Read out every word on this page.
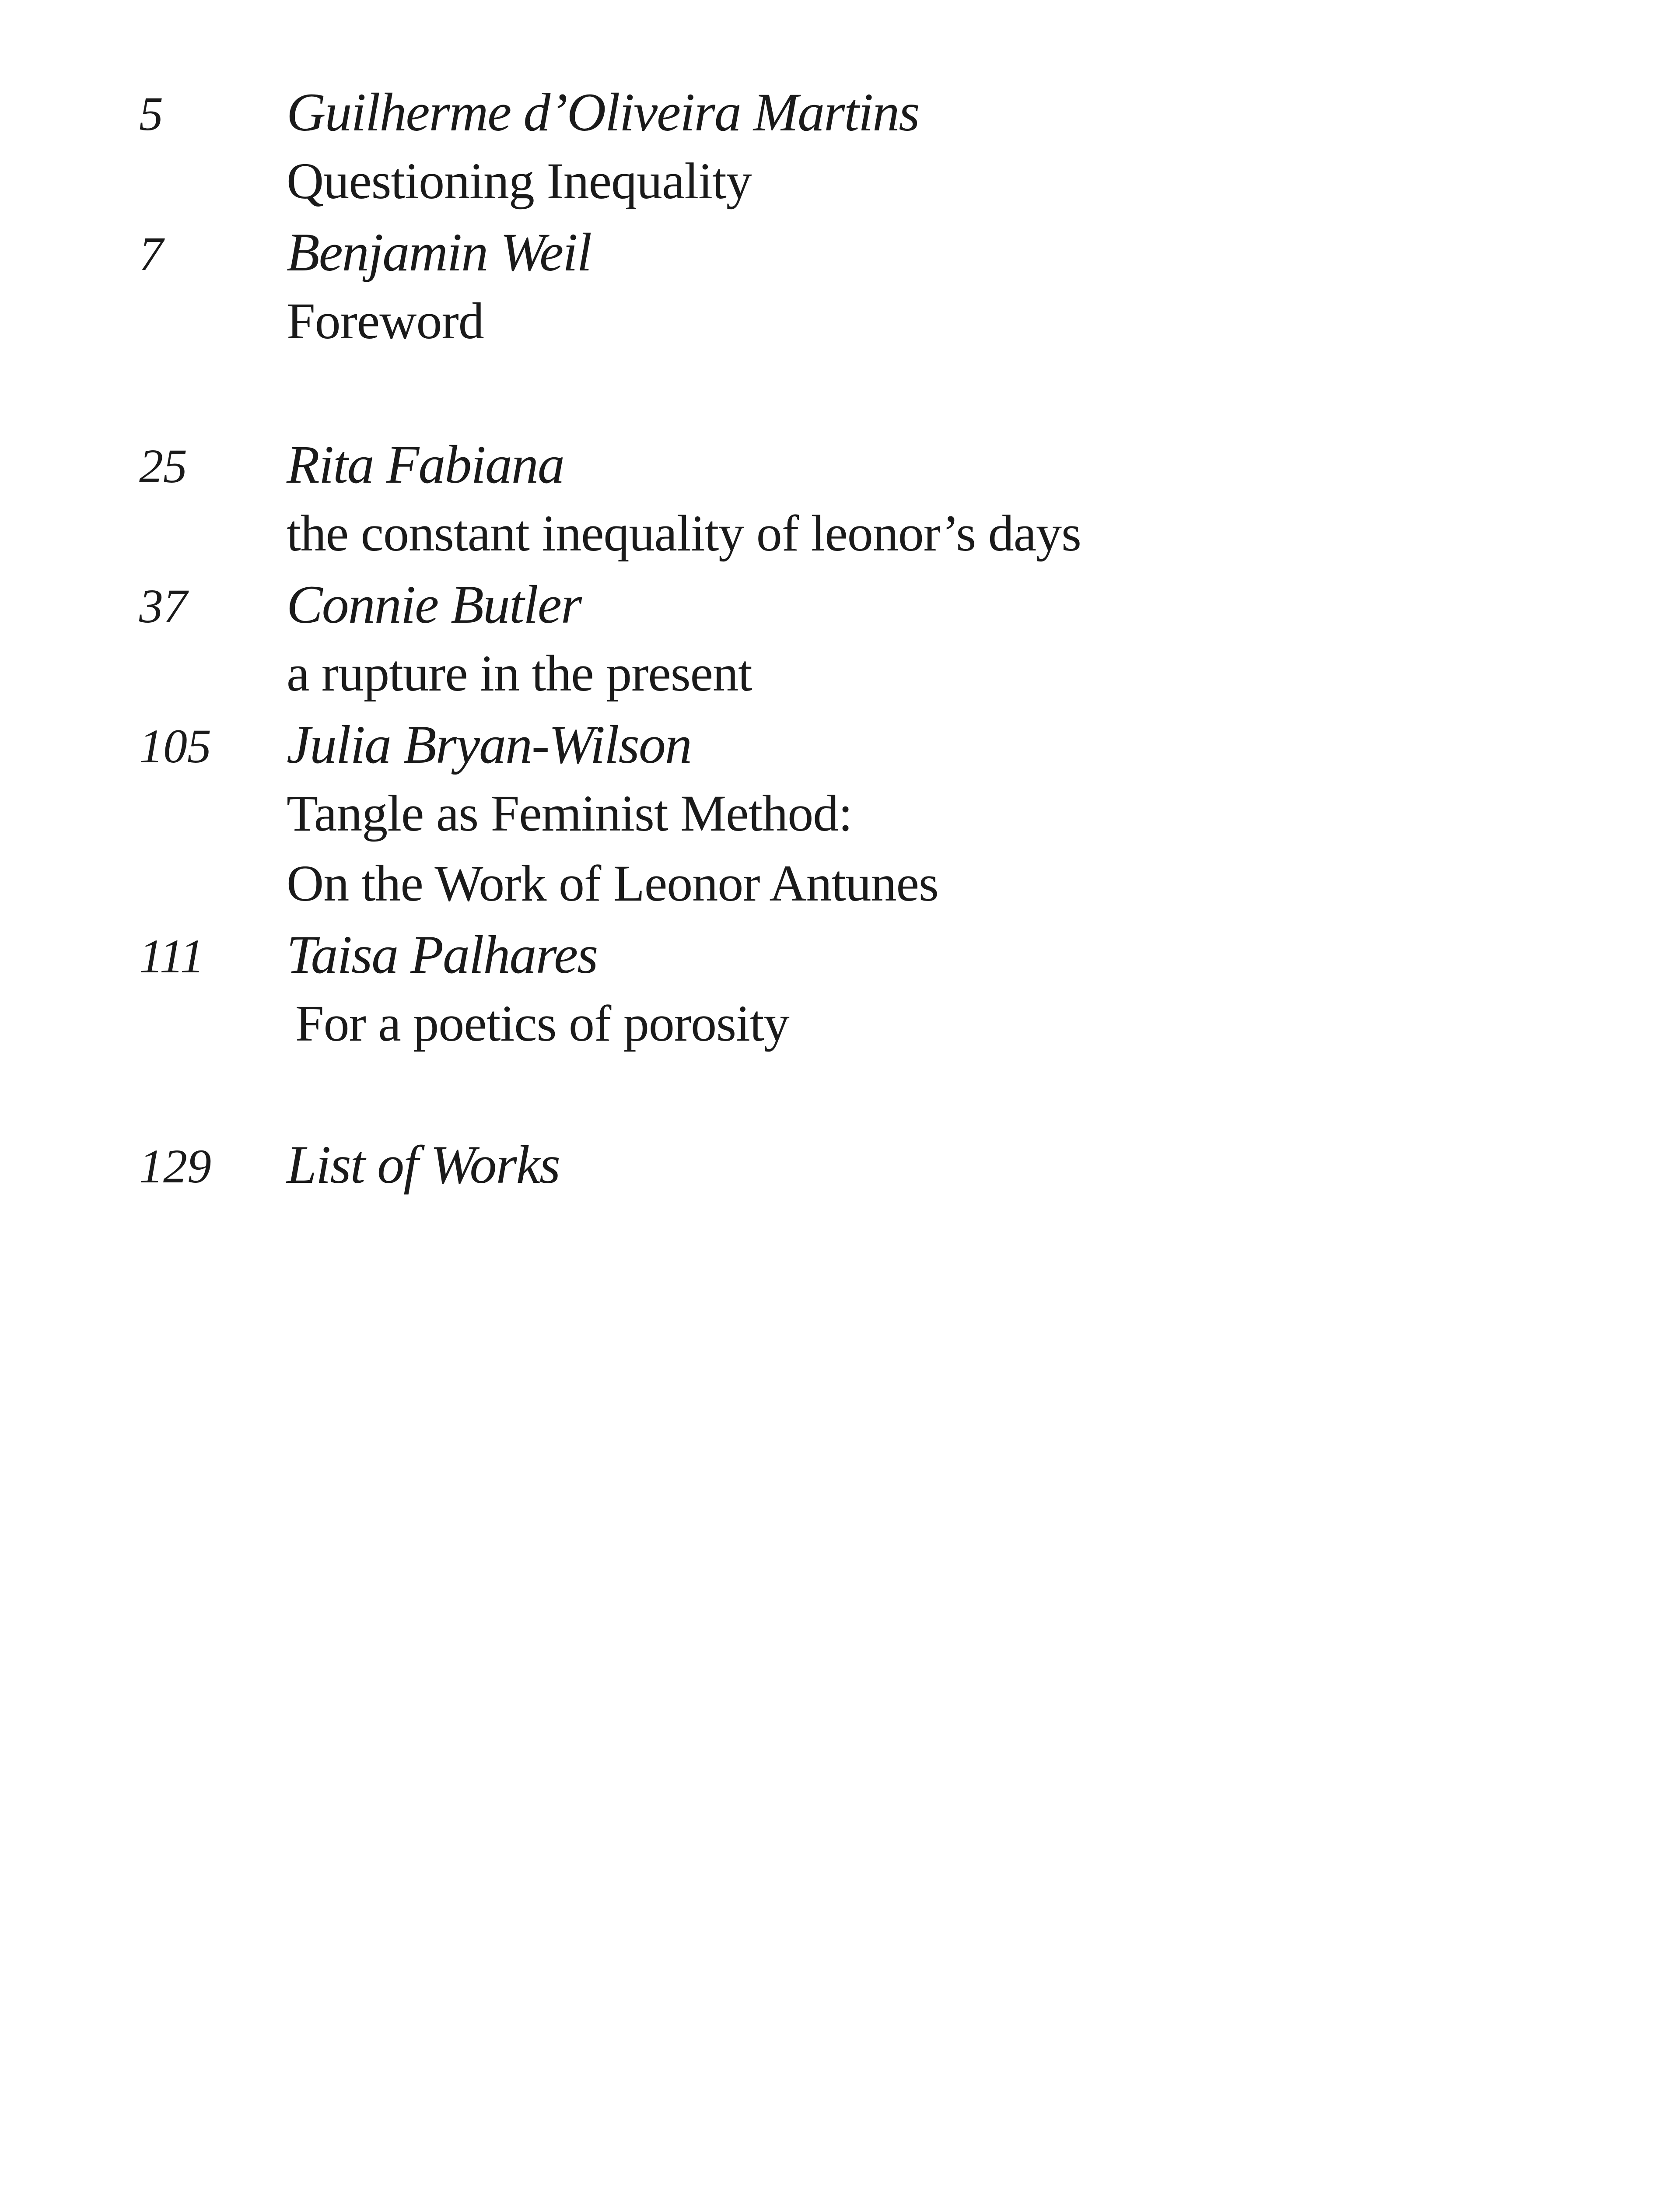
5 Guilherme d’Oliveira Martins
Questioning Inequality
7 Benjamin Weil
Foreword
25 Rita Fabiana
the constant inequality of leonor’s days
37 Connie Butler
a rupture in the present
105 Julia Bryan-Wilson
Tangle as Feminist Method:
On the Work of Leonor Antunes
111 Taisa Palhares
For a poetics of porosity
129 List of Works
